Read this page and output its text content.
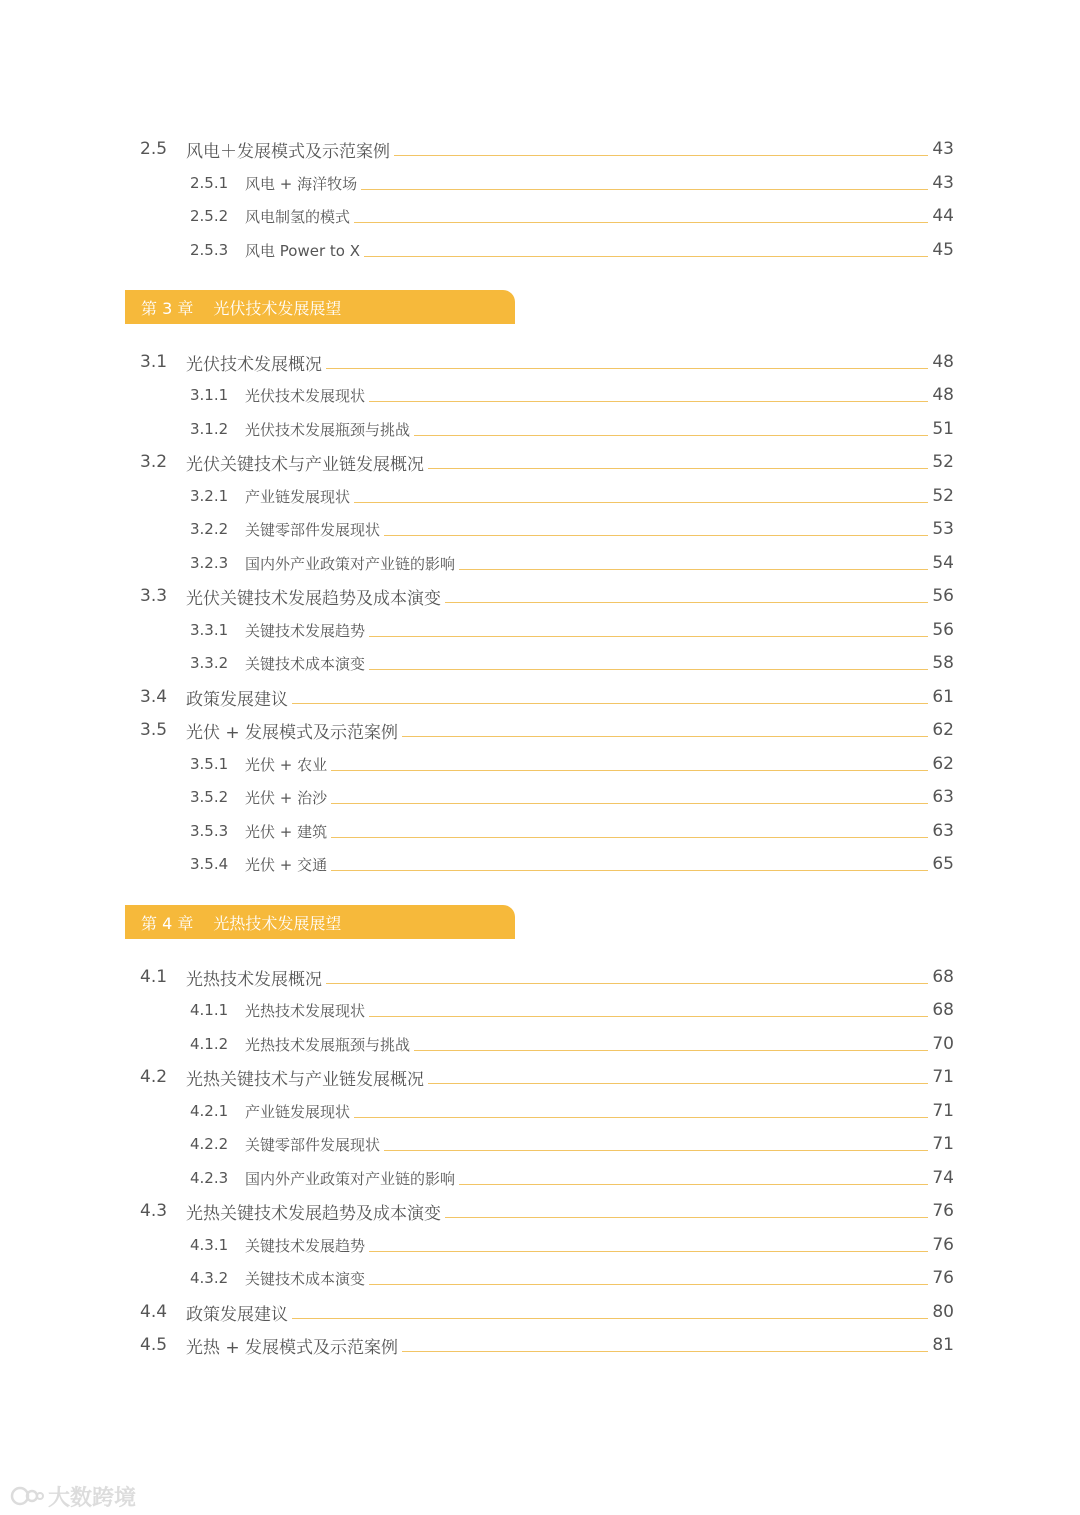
2.5	风电＋发展模式及示范案例	43
2.5.1	风电 + 海洋牧场	43
2.5.2	风电制氢的模式	44
2.5.3	风电 Power to X	45
第 3 章 光伏技术发展展望
3.1	光伏技术发展概况	48
3.1.1	光伏技术发展现状	48
3.1.2	光伏技术发展瓶颈与挑战	51
3.2	光伏关键技术与产业链发展概况	52
3.2.1	产业链发展现状	52
3.2.2	关键零部件发展现状	53
3.2.3	国内外产业政策对产业链的影响	54
3.3	光伏关键技术发展趋势及成本演变	56
3.3.1	关键技术发展趋势	56
3.3.2	关键技术成本演变	58
3.4	政策发展建议	61
3.5	光伏 + 发展模式及示范案例	62
3.5.1	光伏 + 农业	62
3.5.2	光伏 + 治沙	63
3.5.3	光伏 + 建筑	63
3.5.4	光伏 + 交通	65
第 4 章 光热技术发展展望
4.1	光热技术发展概况	68
4.1.1	光热技术发展现状	68
4.1.2	光热技术发展瓶颈与挑战	70
4.2	光热关键技术与产业链发展概况	71
4.2.1	产业链发展现状	71
4.2.2	关键零部件发展现状	71
4.2.3	国内外产业政策对产业链的影响	74
4.3	光热关键技术发展趋势及成本演变	76
4.3.1	关键技术发展趋势	76
4.3.2	关键技术成本演变	76
4.4	政策发展建议	80
4.5	光热 + 发展模式及示范案例	81
大数跨境
